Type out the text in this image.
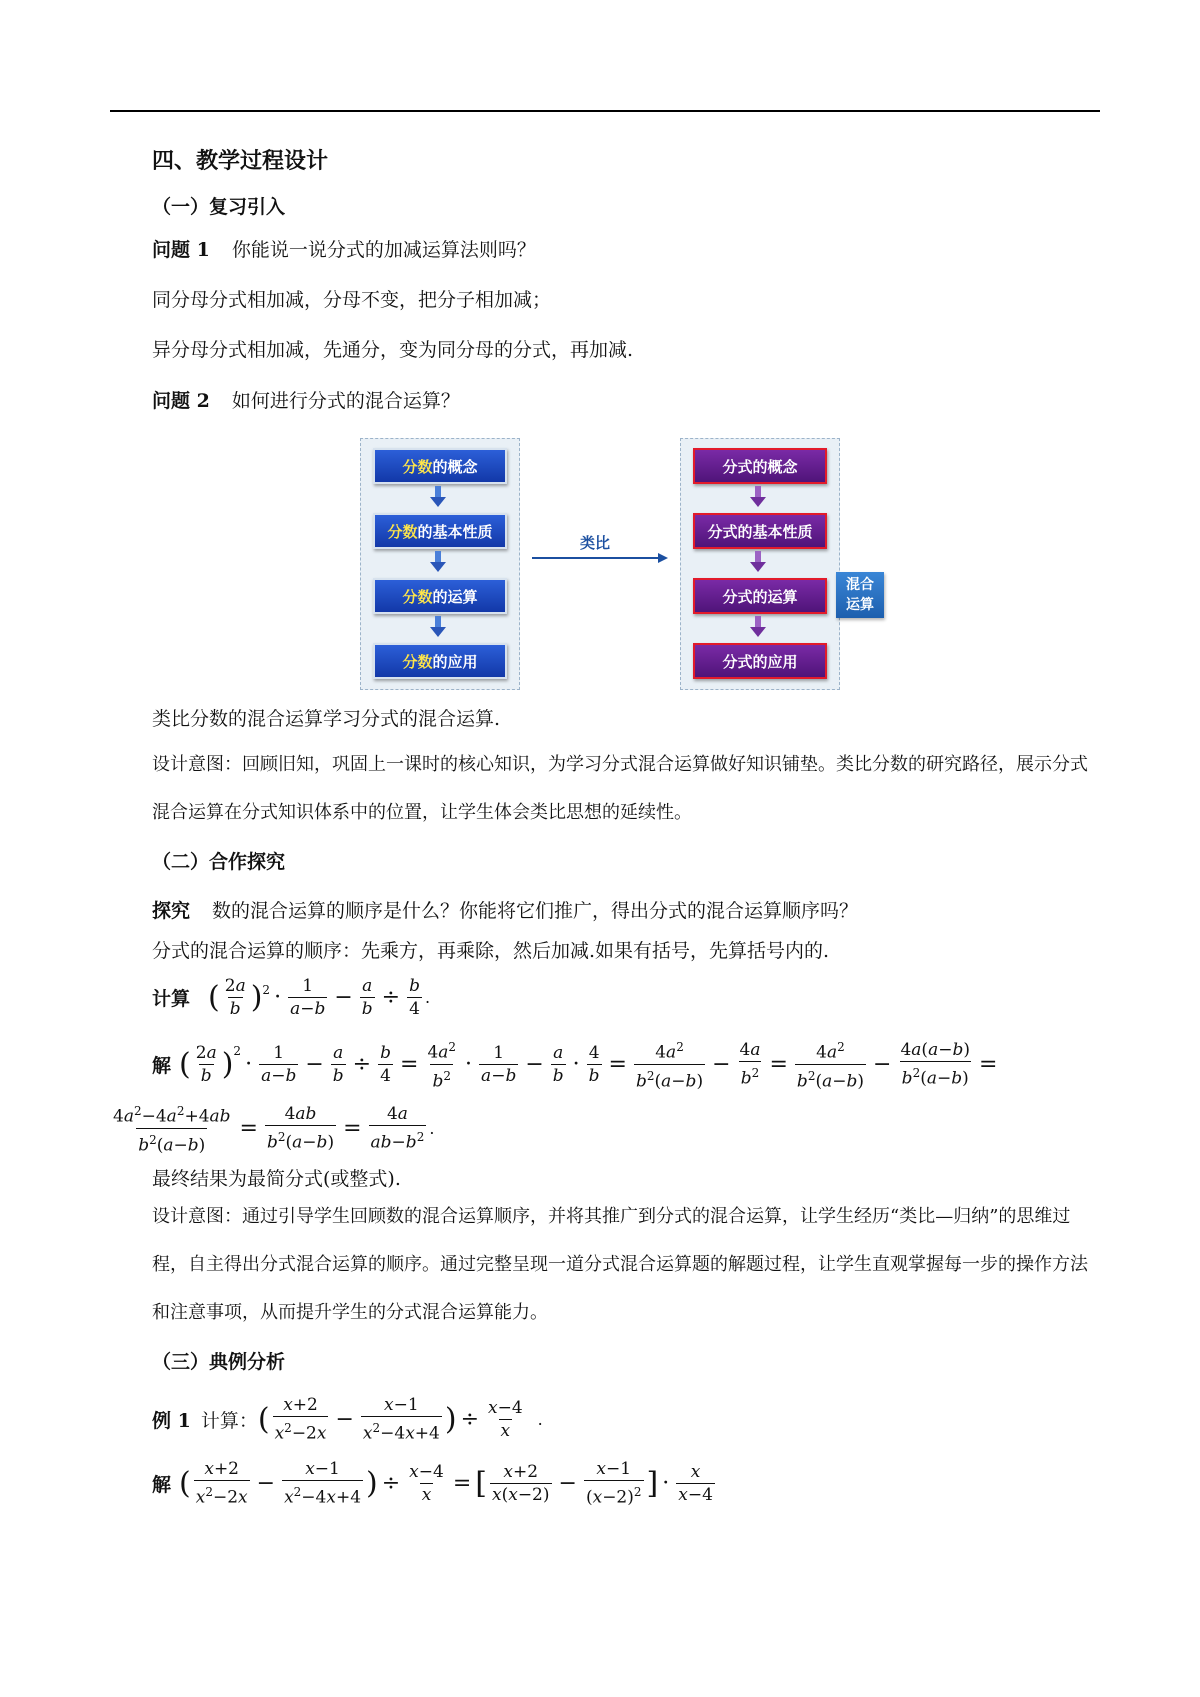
四、教学过程设计
（一）复习引入
问题 1 你能说一说分式的加减运算法则吗？
同分母分式相加减，分母不变，把分子相加减；
异分母分式相加减，先通分，变为同分母的分式，再加减.
问题 2 如何进行分式的混合运算？
分数 的概念
分数 的基本性质
分数 的运算
分数 的应用
类比
分式的概念
分式的基本性质
分式的运算
分式的应用
混合
运算
类比分数的混合运算学习分式的混合运算.
设计意图：回顾旧知，巩固上一课时的核心知识，为学习分式混合运算做好知识铺垫。类比分数的研究路径，展示分式混合运算在分式知识体系中的位置，让学生体会类比思想的延续性。
（二）合作探究
探究 数的混合运算的顺序是什么？你能将它们推广，得出分式的混合运算顺序吗？
分式的混合运算的顺序：先乘方，再乘除，然后加减.如果有括号，先算括号内的.
计算 ( $\frac{2a}{b} )^2 \cdot \frac{1}{a-b} - \frac{a}{b} \div \frac{b}{4}$ .
解 ( $\frac{2a}{b} )^2$
· $\frac{1}{a-b} - \frac{a}{b} \div \frac{b}{4} = \frac{4a^2}{b^2} \cdot \frac{1}{a-b} - \frac{a}{b} \cdot \frac{4}{b} = \frac{4a^2}{b^2(a-b)} - \frac{4a}{b^2} = \frac{4a^2}{b^2(a-b)} - \frac{4a(a-b)}{b^2(a-b)}$ =
$\frac{4a^2-4a^2+4ab}{b^2(a-b)} = \frac{4ab}{b^2(a-b)} = \frac{4a}{ab-b^2}$ .
最终结果为最简分式(或整式).
设计意图：通过引导学生回顾数的混合运算顺序，并将其推广到分式的混合运算，让学生经历“类比—归纳”的思维过程，自主得出分式混合运算的顺序。通过完整呈现一道分式混合运算题的解题过程，让学生直观掌握每一步的操作方法和注意事项，从而提升学生的分式混合运算能力。
（三）典例分析
例 1 计算： ( $\frac{x+2}{x^2-2x} - \frac{x-1}{x^2-4x+4}$ ) ÷ $\frac{x-4}{x}$ .
解 ( $\frac{x+2}{x^2-2x} - \frac{x-1}{x^2-4x+4}$ ) ÷ $\frac{x-4}{x}$ = [ $\frac{x+2}{x(x-2)} - \frac{x-1}{(x-2)^2}$ ] · $\frac{x}{x-4}$
